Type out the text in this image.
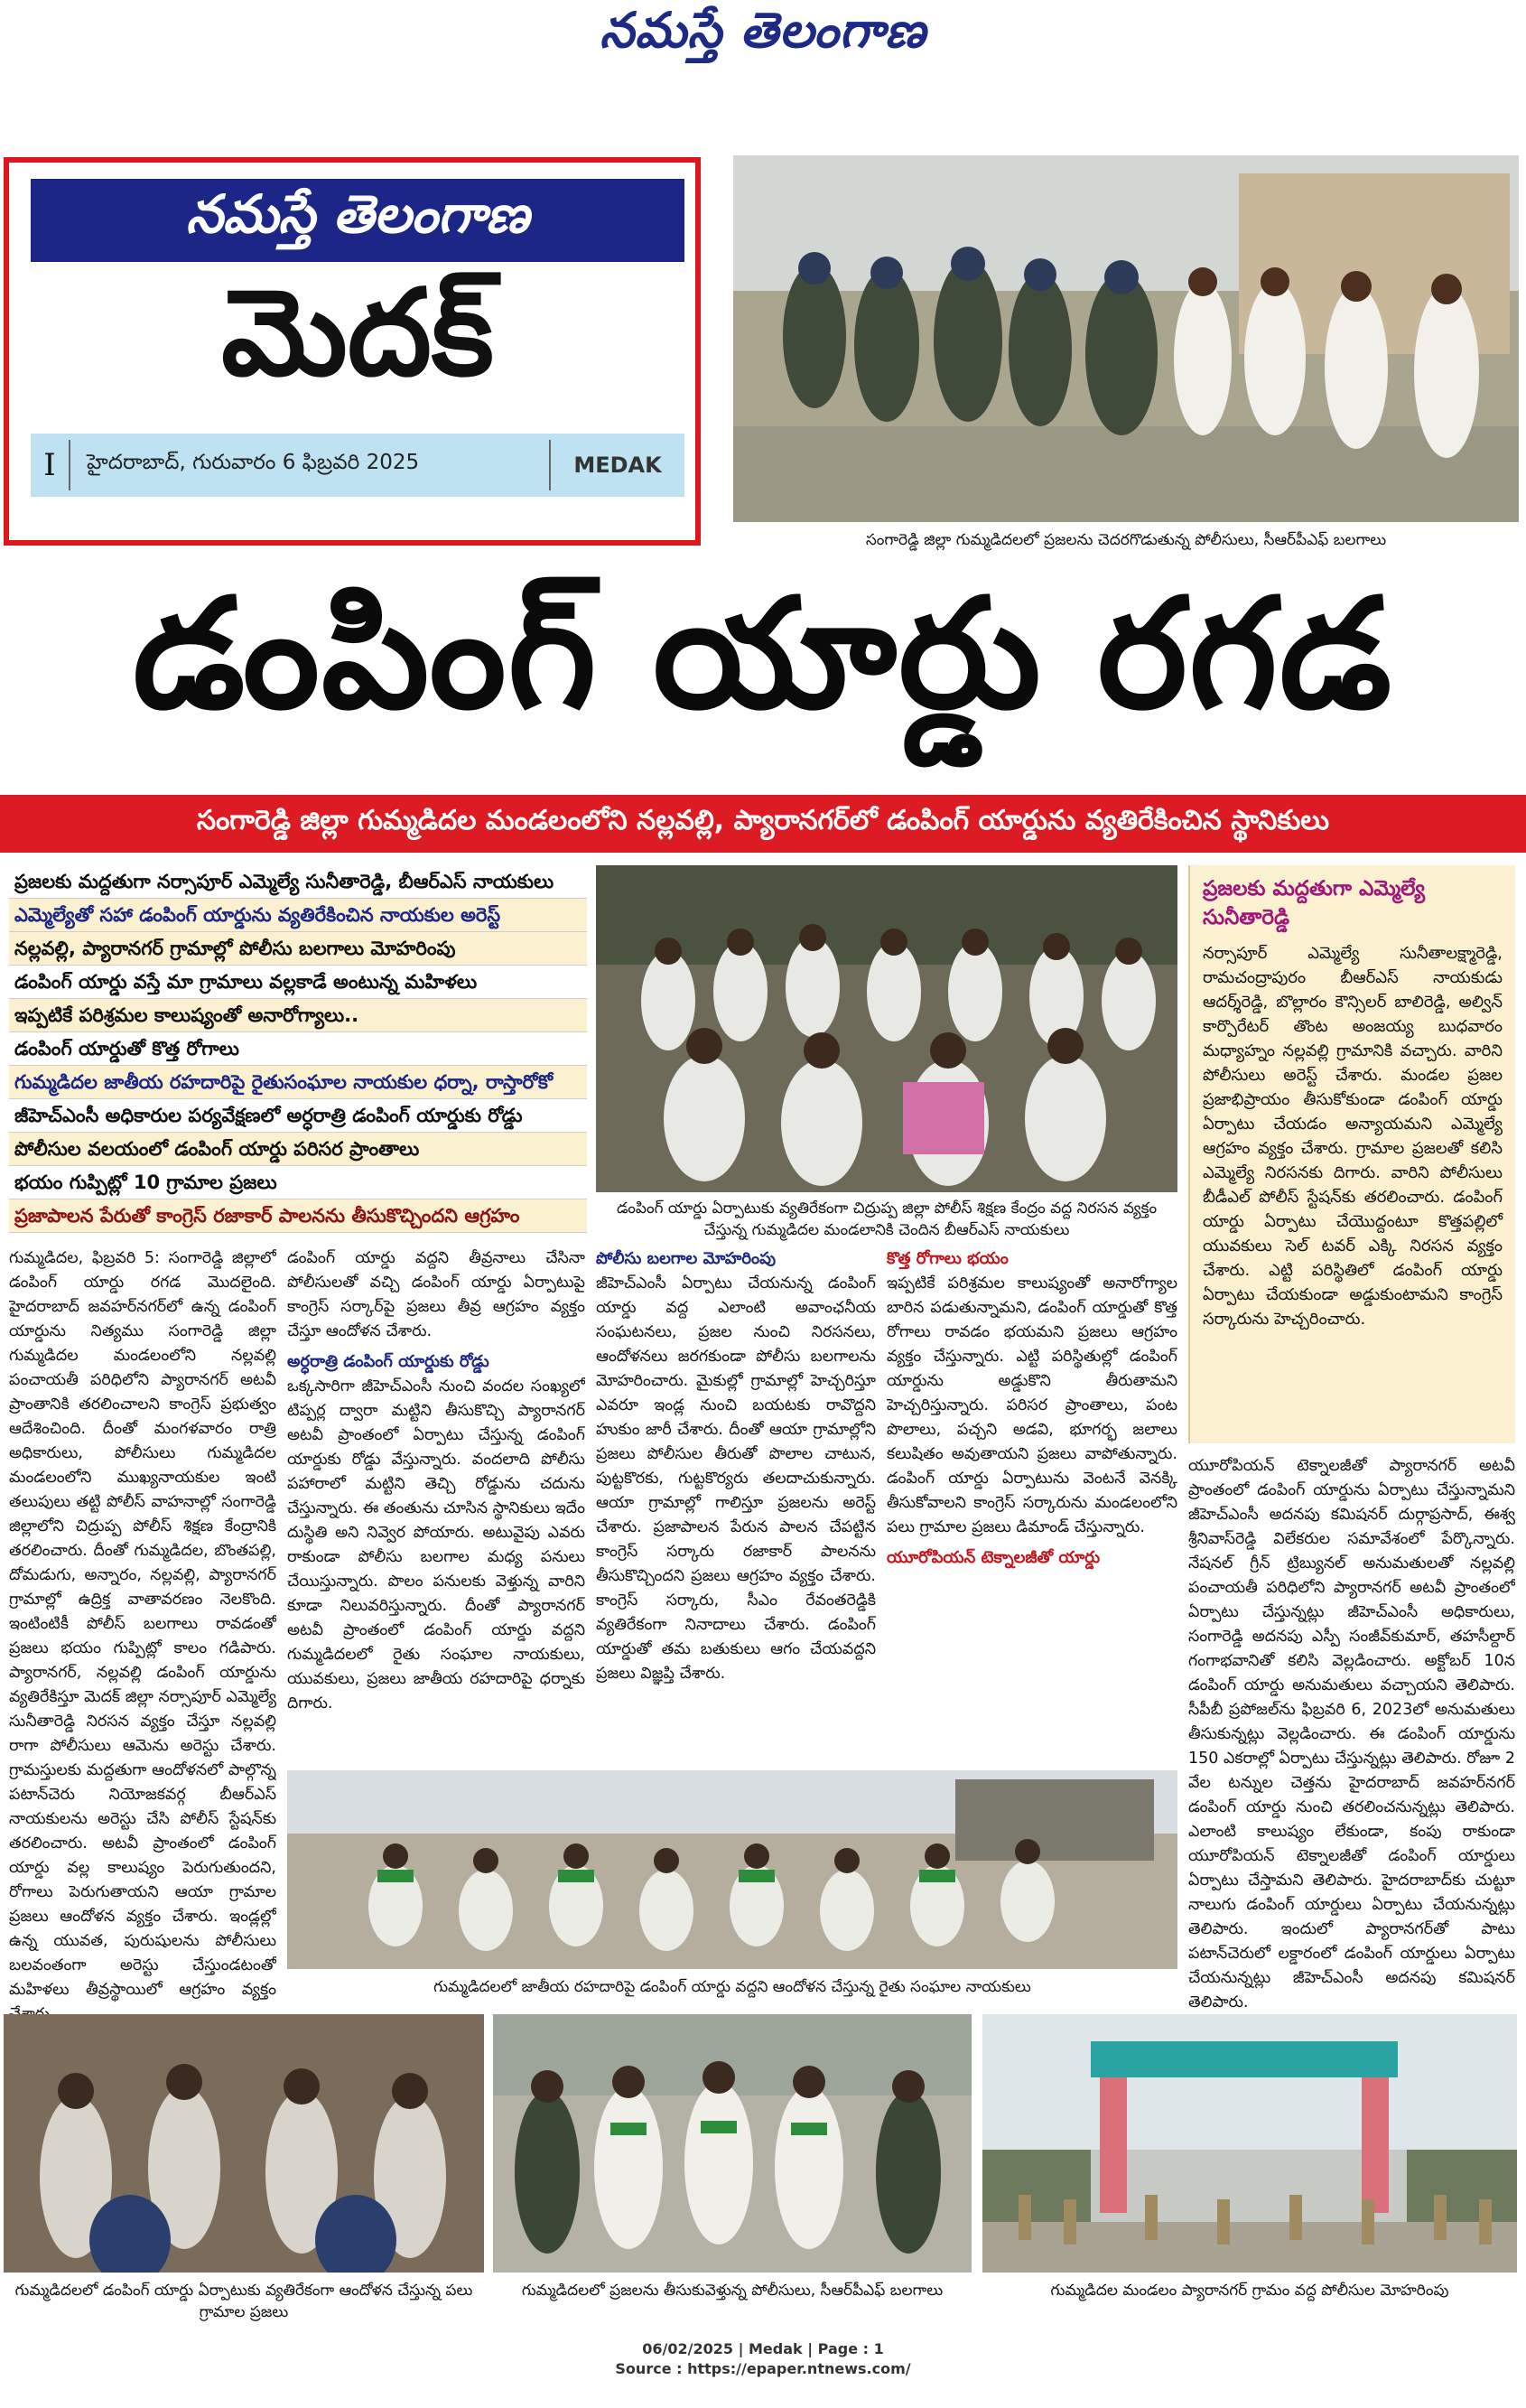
నమస్తే తెలంగాణ
నమస్తే తెలంగాణ
మెదక్
I	హైదరాబాద్, గురువారం 6 ఫిబ్రవరి 2025	MEDAK
సంగారెడ్డి జిల్లా గుమ్మడిదలలో ప్రజలను చెదరగొడుతున్న పోలీసులు, సీఆర్‌పీఎఫ్ బలగాలు
డంపింగ్ యార్డు రగడ
సంగారెడ్డి జిల్లా గుమ్మడిదల మండలంలోని నల్లవల్లి, ప్యారానగర్‌లో డంపింగ్ యార్డును వ్యతిరేకించిన స్థానికులు
ప్రజలకు మద్దతుగా నర్సాపూర్ ఎమ్మెల్యే సునీతారెడ్డి, బీఆర్‌ఎస్ నాయకులు
ఎమ్మెల్యేతో సహా డంపింగ్ యార్డును వ్యతిరేకించిన నాయకుల అరెస్ట్
నల్లవల్లి, ప్యారానగర్ గ్రామాల్లో పోలీసు బలగాలు మోహరింపు
డంపింగ్ యార్డు వస్తే మా గ్రామాలు వల్లకాడే అంటున్న మహిళలు
ఇప్పటికే పరిశ్రమల కాలుష్యంతో అనారోగ్యాలు..
డంపింగ్ యార్డుతో కొత్త రోగాలు
గుమ్మడిదల జాతీయ రహదారిపై రైతుసంఘాల నాయకుల ధర్నా, రాస్తారోకో
జీహెచ్‌ఎంసీ అధికారుల పర్యవేక్షణలో అర్ధరాత్రి డంపింగ్ యార్డుకు రోడ్డు
పోలీసుల వలయంలో డంపింగ్ యార్డు పరిసర ప్రాంతాలు
భయం గుప్పిట్లో 10 గ్రామాల ప్రజలు
ప్రజాపాలన పేరుతో కాంగ్రెస్ రజాకార్ పాలనను తీసుకొచ్చిందని ఆగ్రహం	డంపింగ్ యార్డు ఏర్పాటుకు వ్యతిరేకంగా చిద్రుప్ప జిల్లా పోలీస్ శిక్షణ కేంద్రం వద్ద నిరసన వ్యక్తం చేస్తున్న గుమ్మడిదల మండలానికి చెందిన బీఆర్‌ఎస్ నాయకులు
ప్రజలకు మద్దతుగా ఎమ్మెల్యే సునీతారెడ్డి

నర్సాపూర్ ఎమ్మెల్యే సునీతాలక్ష్మారెడ్డి, రామచంద్రాపురం బీఆర్‌ఎస్ నాయకుడు ఆదర్శ్‌రెడ్డి, బొల్లారం కౌన్సిలర్ బాలిరెడ్డి, అల్విన్ కార్పొరేటర్ తొంట అంజయ్య బుధవారం మధ్యాహ్నం నల్లవల్లి గ్రామానికి వచ్చారు. వారిని పోలీసులు అరెస్ట్ చేశారు. మండల ప్రజల ప్రజాభిప్రాయం తీసుకోకుండా డంపింగ్ యార్డు ఏర్పాటు చేయడం అన్యాయమని ఎమ్మెల్యే ఆగ్రహం వ్యక్తం చేశారు. గ్రామాల ప్రజలతో కలిసి ఎమ్మెల్యే నిరసనకు దిగారు. వారిని పోలీసులు బీడీఎల్ పోలీస్ స్టేషన్‌కు తరలించారు. డంపింగ్ యార్డు ఏర్పాటు చేయొద్దంటూ కొత్తపల్లిలో యువకులు సెల్ టవర్ ఎక్కి నిరసన వ్యక్తం చేశారు. ఎట్టి పరిస్థితిలో డంపింగ్ యార్డు ఏర్పాటు చేయకుండా అడ్డుకుంటామని కాంగ్రెస్ సర్కారును హెచ్చరించారు.

గుమ్మడిదల, ఫిబ్రవరి 5: సంగారెడ్డి జిల్లాలో డంపింగ్ యార్డు రగడ మొదలైంది. హైదరాబాద్ జవహర్‌నగర్‌లో ఉన్న డంపింగ్ యార్డును నిత్యము సంగారెడ్డి జిల్లా గుమ్మడిదల మండలంలోని నల్లవల్లి పంచాయతీ పరిధిలోని ప్యారానగర్ అటవీ ప్రాంతానికి తరలించాలని కాంగ్రెస్ ప్రభుత్వం ఆదేశించింది. దీంతో మంగళవారం రాత్రి అధికారులు, పోలీసులు గుమ్మడిదల మండలంలోని ముఖ్యనాయకుల ఇంటి తలుపులు తట్టి పోలీస్ వాహనాల్లో సంగారెడ్డి జిల్లాలోని చిద్రుప్ప పోలీస్ శిక్షణ కేంద్రానికి తరలించారు. దీంతో గుమ్మడిదల, బొంతపల్లి, దోమడుగు, అన్నారం, నల్లవల్లి, ప్యారానగర్ గ్రామాల్లో ఉద్రిక్త వాతావరణం నెలకొంది. ఇంటింటికీ పోలీస్ బలగాలు రావడంతో ప్రజలు భయం గుప్పిట్లో కాలం గడిపారు. ప్యారానగర్, నల్లవల్లి డంపింగ్ యార్డును వ్యతిరేకిస్తూ మెదక్ జిల్లా నర్సాపూర్ ఎమ్మెల్యే సునీతారెడ్డి నిరసన వ్యక్తం చేస్తూ నల్లవల్లి రాగా పోలీసులు ఆమెను అరెస్టు చేశారు. గ్రామస్తులకు మద్దతుగా ఆందోళనలో పాల్గొన్న పటాన్‌చెరు నియోజకవర్గ బీఆర్‌ఎస్ నాయకులను అరెస్టు చేసి పోలీస్ స్టేషన్‌కు తరలించారు. అటవీ ప్రాంతంలో డంపింగ్ యార్డు వల్ల కాలుష్యం పెరుగుతుందని, రోగాలు పెరుగుతాయని ఆయా గ్రామాల ప్రజలు ఆందోళన వ్యక్తం చేశారు. ఇండ్లల్లో ఉన్న యువత, పురుషులను పోలీసులు బలవంతంగా అరెస్టు చేస్తుండటంతో మహిళలు తీవ్రస్థాయిలో ఆగ్రహం వ్యక్తం

డంపింగ్ యార్డు వద్దని తీవ్రనాలు చేసినా పోలీసులతో వచ్చి డంపింగ్ యార్డు ఏర్పాటుపై కాంగ్రెస్ సర్కార్‌పై ప్రజలు తీవ్ర ఆగ్రహం వ్యక్తం చేస్తూ ఆందోళన చేశారు.

అర్ధరాత్రి డంపింగ్ యార్డుకు రోడ్డు

ఒక్కసారిగా జీహెచ్‌ఎంసీ నుంచి వందల సంఖ్యలో టిప్పర్ల ద్వారా మట్టిని తీసుకొచ్చి ప్యారానగర్ అటవీ ప్రాంతంలో ఏర్పాటు చేస్తున్న డంపింగ్ యార్డుకు రోడ్డు వేస్తున్నారు. వందలాది పోలీసు పహారాలో మట్టిని తెచ్చి రోడ్డును చదును చేస్తున్నారు. ఈ తంతును చూసిన స్థానికులు ఇదేం దుస్థితి అని నివ్వెర పోయారు. అటువైపు ఎవరు రాకుండా పోలీసు బలగాల మధ్య పనులు చేయిస్తున్నారు. పొలం పనులకు వెళ్తున్న వారిని కూడా నిలువరిస్తున్నారు. దీంతో ప్యారానగర్ అటవీ ప్రాంతంలో డంపింగ్ యార్డు వద్దని గుమ్మడిదలలో రైతు సంఘాల నాయకులు, యువకులు, ప్రజలు జాతీయ రహదారిపై ధర్నాకు దిగారు.

పోలీసు బలగాల మోహరింపు

జీహెచ్‌ఎంసీ ఏర్పాటు చేయనున్న డంపింగ్ యార్డు వద్ద ఎలాంటి అవాంఛనీయ సంఘటనలు, ప్రజల నుంచి నిరసనలు, ఆందోళనలు జరగకుండా పోలీసు బలగాలను మోహరించారు. మైకుల్లో గ్రామాల్లో హెచ్చరిస్తూ ఎవరూ ఇండ్ల నుంచి బయటకు రావొద్దని హుకుం జారీ చేశారు. దీంతో ఆయా గ్రామాల్లోని ప్రజలు పోలీసుల తీరుతో పొలాల చాటున, పుట్టకొరకు, గుట్టకొర్యరు తలదాచుకున్నారు. ఆయా గ్రామాల్లో గాలిస్తూ ప్రజలను అరెస్ట్ చేశారు. ప్రజాపాలన పేరున పాలన చేపట్టిన కాంగ్రెస్ సర్కారు రజాకార్ పాలనను తీసుకొచ్చిందని ప్రజలు ఆగ్రహం వ్యక్తం చేశారు. కాంగ్రెస్ సర్కారు, సీఎం రేవంతరెడ్డికి వ్యతిరేకంగా నినాదాలు చేశారు. డంపింగ్ యార్డుతో తమ బతుకులు ఆగం చేయవద్దని ప్రజలు విజ్ఞప్తి చేశారు.

కొత్త రోగాలు భయం

ఇప్పటికే పరిశ్రమల కాలుష్యంతో అనారోగ్యాల బారిన పడుతున్నామని, డంపింగ్ యార్డుతో కొత్త రోగాలు రావడం భయమని ప్రజలు ఆగ్రహం వ్యక్తం చేస్తున్నారు. ఎట్టి పరిస్థితుల్లో డంపింగ్ యార్డును అడ్డుకొని తీరుతామని హెచ్చరిస్తున్నారు. పరిసర ప్రాంతాలు, పంట పొలాలు, పచ్చని అడవి, భూగర్భ జలాలు కలుషితం అవుతాయని ప్రజలు వాపోతున్నారు. డంపింగ్ యార్డు ఏర్పాటును వెంటనే వెనక్కి తీసుకోవాలని కాంగ్రెస్ సర్కారును మండలంలోని పలు గ్రామాల ప్రజలు డిమాండ్ చేస్తున్నారు.

యూరోపియన్ టెక్నాలజీతో యార్డు

యూరోపియన్ టెక్నాలజీతో ప్యారానగర్ అటవీ ప్రాంతంలో డంపింగ్ యార్డును ఏర్పాటు చేస్తున్నామని జీహెచ్‌ఎంసీ అదనపు కమిషనర్ దుర్గాప్రసాద్, ఈశ్వ శ్రీనివాస్‌రెడ్డి విలేకరుల సమావేశంలో పేర్కొన్నారు. నేషనల్ గ్రీన్ ట్రిబ్యునల్ అనుమతులతో నల్లవల్లి పంచాయతీ పరిధిలోని ప్యారానగర్ అటవీ ప్రాంతంలో ఏర్పాటు చేస్తున్నట్లు జీహెచ్‌ఎంసీ అధికారులు, సంగారెడ్డి అదనపు ఎస్పీ సంజీవ్‌కుమార్, తహసీల్దార్ గంగాభవానితో కలిసి వెల్లడించారు. అక్టోబర్ 10న డంపింగ్ యార్డు అనుమతులు వచ్చాయని తెలిపారు. సీపీబీ ప్రపోజల్‌ను ఫిబ్రవరి 6, 2023లో అనుమతులు తీసుకున్నట్లు వెల్లడించారు. ఈ డంపింగ్ యార్డును 150 ఎకరాల్లో ఏర్పాటు చేస్తున్నట్లు తెలిపారు. రోజూ 2 వేల టన్నుల చెత్తను హైదరాబాద్ జవహర్‌నగర్ డంపింగ్ యార్డు నుంచి తరలించనున్నట్లు తెలిపారు. ఎలాంటి కాలుష్యం లేకుండా, కంపు రాకుండా యూరోపియన్ టెక్నాలజీతో డంపింగ్ యార్డులు ఏర్పాటు చేస్తామని తెలిపారు. హైదరాబాద్‌కు చుట్టూ నాలుగు డంపింగ్ యార్డులు ఏర్పాటు చేయనున్నట్లు తెలిపారు. ఇందులో ప్యారానగర్‌తో పాటు పటాన్‌చెరులో లక్డారంలో డంపింగ్ యార్డులు ఏర్పాటు చేయనున్నట్లు జీహెచ్‌ఎంసీ అదనపు కమిషనర్ తెలిపారు.

గుమ్మడిదలలో జాతీయ రహదారిపై డంపింగ్ యార్డు వద్దని ఆందోళన చేస్తున్న రైతు సంఘాల నాయకులు
గుమ్మడిదలలో డంపింగ్ యార్డు ఏర్పాటుకు వ్యతిరేకంగా ఆందోళన చేస్తున్న పలు గ్రామాల ప్రజలు
గుమ్మడిదలలో ప్రజలను తీసుకువెళ్తున్న పోలీసులు, సీఆర్‌పీఎఫ్ బలగాలు	గుమ్మడిదల మండలం ప్యారానగర్ గ్రామం వద్ద పోలీసుల మోహరింపు
06/02/2025 | Medak | Page : 1
Source : https://epaper.ntnews.com/
